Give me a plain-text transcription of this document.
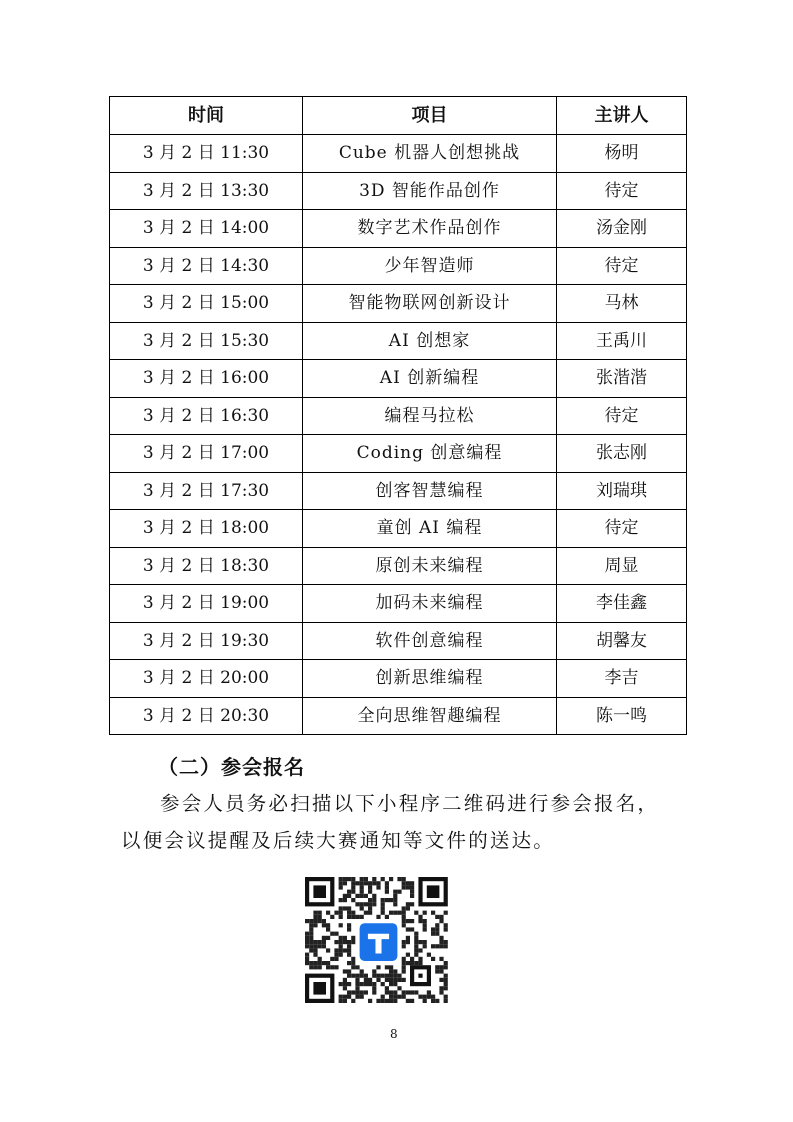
时间	项目	主讲人
3 月 2 日 11:30	Cube 机器人创想挑战	杨明
3 月 2 日 13:30	3D 智能作品创作	待定
3 月 2 日 14:00	数字艺术作品创作	汤金刚
3 月 2 日 14:30	少年智造师	待定
3 月 2 日 15:00	智能物联网创新设计	马林
3 月 2 日 15:30	AI 创想家	王禹川
3 月 2 日 16:00	AI 创新编程	张湝湝
3 月 2 日 16:30	编程马拉松	待定
3 月 2 日 17:00	Coding 创意编程	张志刚
3 月 2 日 17:30	创客智慧编程	刘瑞琪
3 月 2 日 18:00	童创 AI 编程	待定
3 月 2 日 18:30	原创未来编程	周显
3 月 2 日 19:00	加码未来编程	李佳鑫
3 月 2 日 19:30	软件创意编程	胡馨友
3 月 2 日 20:00	创新思维编程	李吉
3 月 2 日 20:30	全向思维智趣编程	陈一鸣
（二）参会报名
参会人员务必扫描以下小程序二维码进行参会报名，以便会议提醒及后续大赛通知等文件的送达。
8
